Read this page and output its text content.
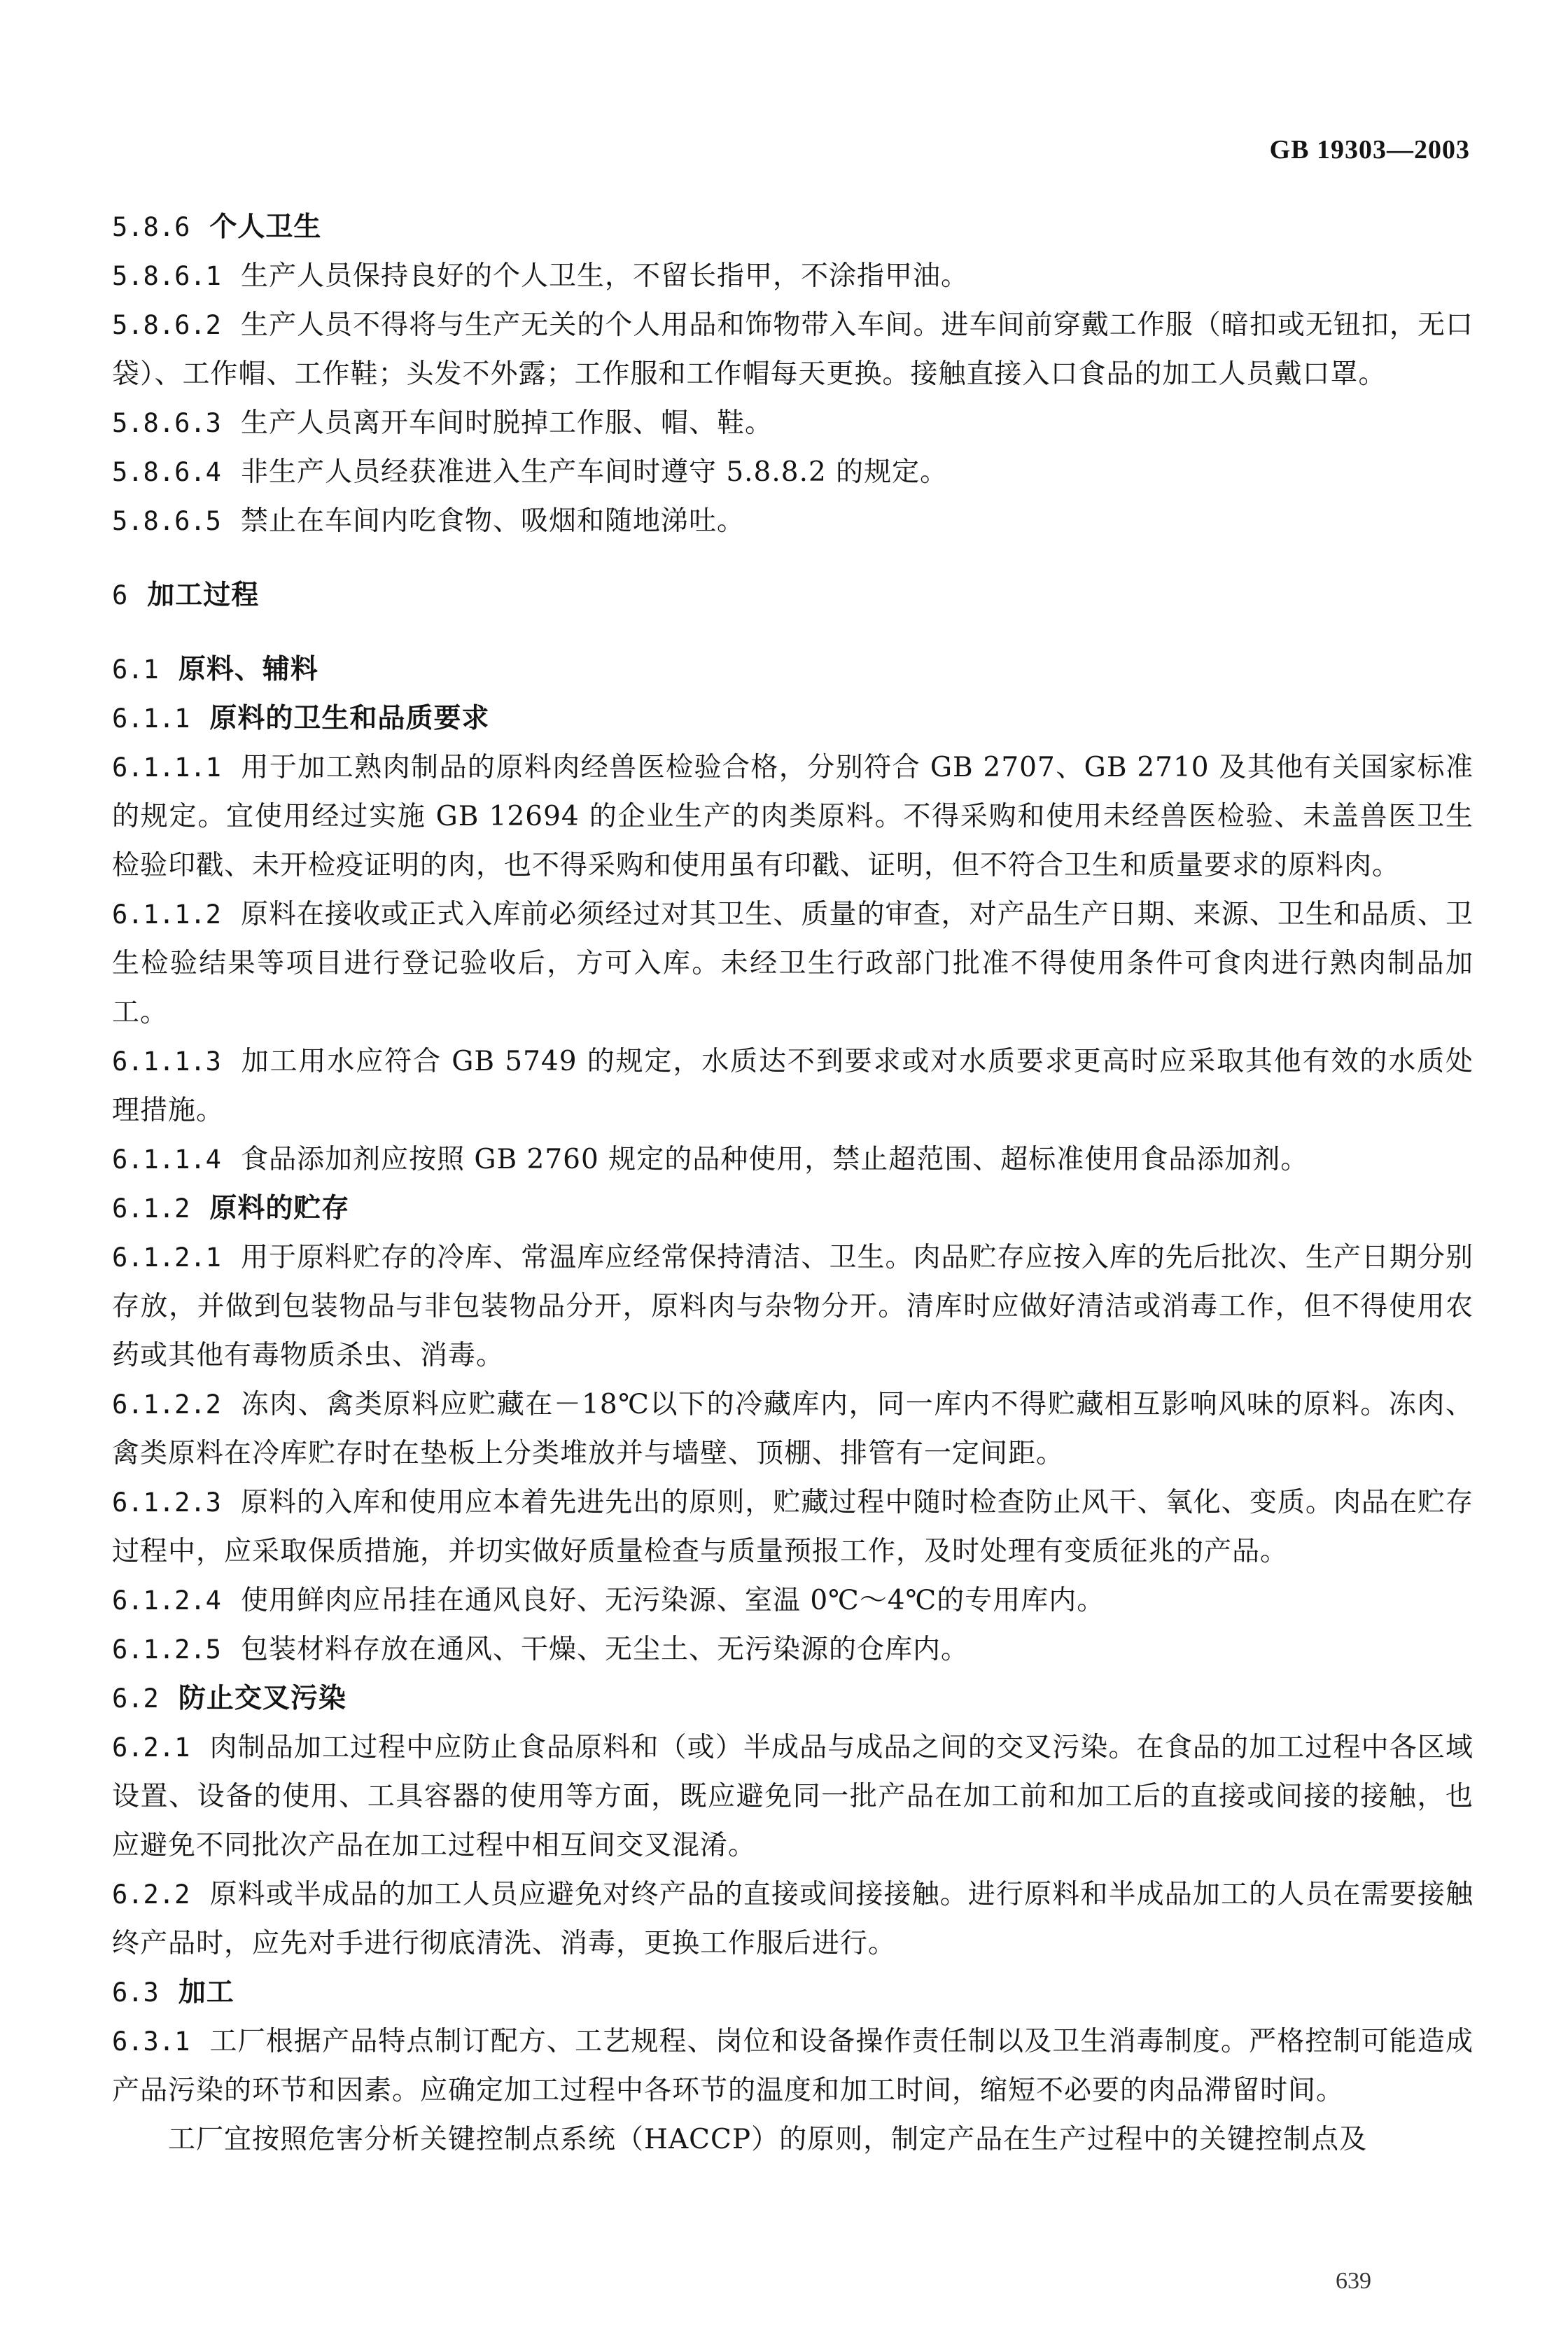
GB 19303—2003
5.8.6 个人卫生
5.8.6.1 生产人员保持良好的个人卫生，不留长指甲，不涂指甲油。
5.8.6.2 生产人员不得将与生产无关的个人用品和饰物带入车间。进车间前穿戴工作服（暗扣或无钮扣，无口袋）、工作帽、工作鞋；头发不外露；工作服和工作帽每天更换。接触直接入口食品的加工人员戴口罩。
5.8.6.3 生产人员离开车间时脱掉工作服、帽、鞋。
5.8.6.4 非生产人员经获准进入生产车间时遵守 5.8.8.2 的规定。
5.8.6.5 禁止在车间内吃食物、吸烟和随地涕吐。
6 加工过程
6.1 原料、辅料
6.1.1 原料的卫生和品质要求
6.1.1.1 用于加工熟肉制品的原料肉经兽医检验合格，分别符合 GB 2707、GB 2710 及其他有关国家标准的规定。宜使用经过实施 GB 12694 的企业生产的肉类原料。不得采购和使用未经兽医检验、未盖兽医卫生检验印戳、未开检疫证明的肉，也不得采购和使用虽有印戳、证明，但不符合卫生和质量要求的原料肉。
6.1.1.2 原料在接收或正式入库前必须经过对其卫生、质量的审查，对产品生产日期、来源、卫生和品质、卫生检验结果等项目进行登记验收后，方可入库。未经卫生行政部门批准不得使用条件可食肉进行熟肉制品加工。
6.1.1.3 加工用水应符合 GB 5749 的规定，水质达不到要求或对水质要求更高时应采取其他有效的水质处理措施。
6.1.1.4 食品添加剂应按照 GB 2760 规定的品种使用，禁止超范围、超标准使用食品添加剂。
6.1.2 原料的贮存
6.1.2.1 用于原料贮存的冷库、常温库应经常保持清洁、卫生。肉品贮存应按入库的先后批次、生产日期分别存放，并做到包装物品与非包装物品分开，原料肉与杂物分开。清库时应做好清洁或消毒工作，但不得使用农药或其他有毒物质杀虫、消毒。
6.1.2.2 冻肉、禽类原料应贮藏在－18℃以下的冷藏库内，同一库内不得贮藏相互影响风味的原料。冻肉、禽类原料在冷库贮存时在垫板上分类堆放并与墙壁、顶棚、排管有一定间距。
6.1.2.3 原料的入库和使用应本着先进先出的原则，贮藏过程中随时检查防止风干、氧化、变质。肉品在贮存过程中，应采取保质措施，并切实做好质量检查与质量预报工作，及时处理有变质征兆的产品。
6.1.2.4 使用鲜肉应吊挂在通风良好、无污染源、室温 0℃～4℃的专用库内。
6.1.2.5 包装材料存放在通风、干燥、无尘土、无污染源的仓库内。
6.2 防止交叉污染
6.2.1 肉制品加工过程中应防止食品原料和（或）半成品与成品之间的交叉污染。在食品的加工过程中各区域设置、设备的使用、工具容器的使用等方面，既应避免同一批产品在加工前和加工后的直接或间接的接触，也应避免不同批次产品在加工过程中相互间交叉混淆。
6.2.2 原料或半成品的加工人员应避免对终产品的直接或间接接触。进行原料和半成品加工的人员在需要接触终产品时，应先对手进行彻底清洗、消毒，更换工作服后进行。
6.3 加工
6.3.1 工厂根据产品特点制订配方、工艺规程、岗位和设备操作责任制以及卫生消毒制度。严格控制可能造成产品污染的环节和因素。应确定加工过程中各环节的温度和加工时间，缩短不必要的肉品滞留时间。
工厂宜按照危害分析关键控制点系统（HACCP）的原则，制定产品在生产过程中的关键控制点及
639
